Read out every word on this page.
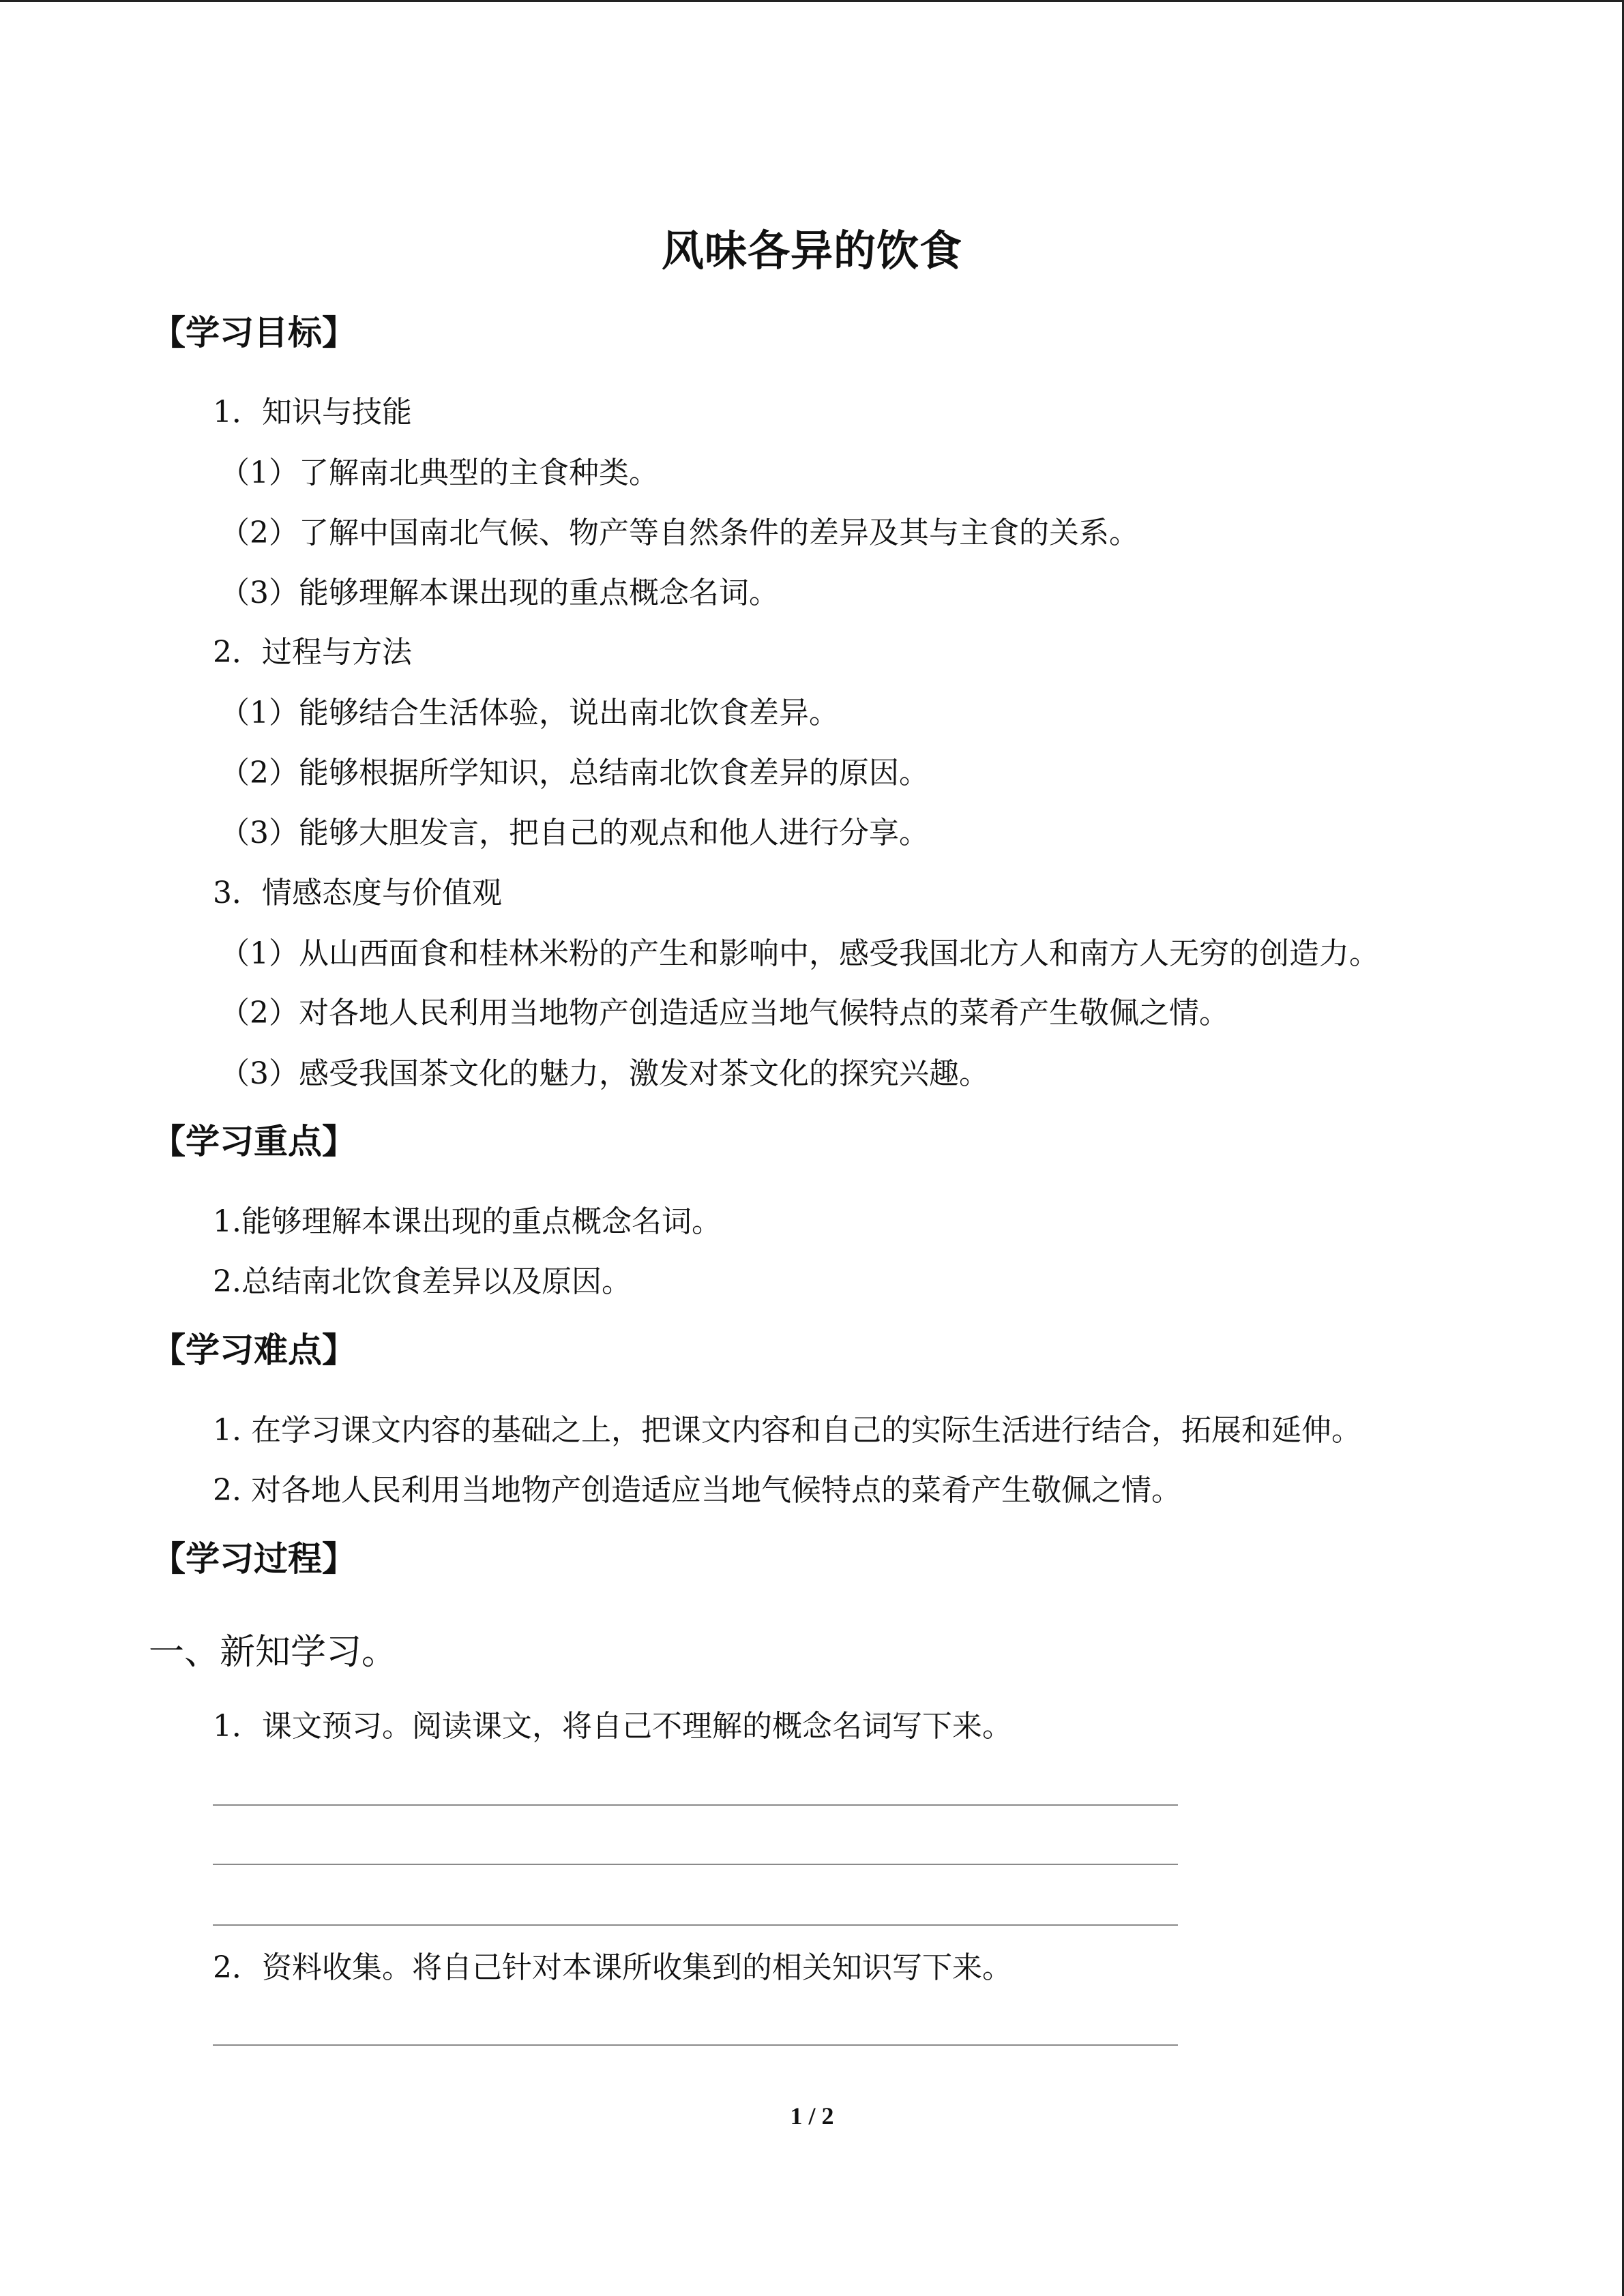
风味各异的饮食
【学习目标】
1．知识与技能
（1）了解南北典型的主食种类。
（2）了解中国南北气候、物产等自然条件的差异及其与主食的关系。
（3）能够理解本课出现的重点概念名词。
2．过程与方法
（1）能够结合生活体验，说出南北饮食差异。
（2）能够根据所学知识，总结南北饮食差异的原因。
（3）能够大胆发言，把自己的观点和他人进行分享。
3．情感态度与价值观
（1）从山西面食和桂林米粉的产生和影响中，感受我国北方人和南方人无穷的创造力。
（2）对各地人民利用当地物产创造适应当地气候特点的菜肴产生敬佩之情。
（3）感受我国茶文化的魅力，激发对茶文化的探究兴趣。
【学习重点】
1.能够理解本课出现的重点概念名词。
2.总结南北饮食差异以及原因。
【学习难点】
1. 在学习课文内容的基础之上，把课文内容和自己的实际生活进行结合，拓展和延伸。
2. 对各地人民利用当地物产创造适应当地气候特点的菜肴产生敬佩之情。
【学习过程】
一、新知学习。
1．课文预习。阅读课文，将自己不理解的概念名词写下来。
2．资料收集。将自己针对本课所收集到的相关知识写下来。
1 / 2
